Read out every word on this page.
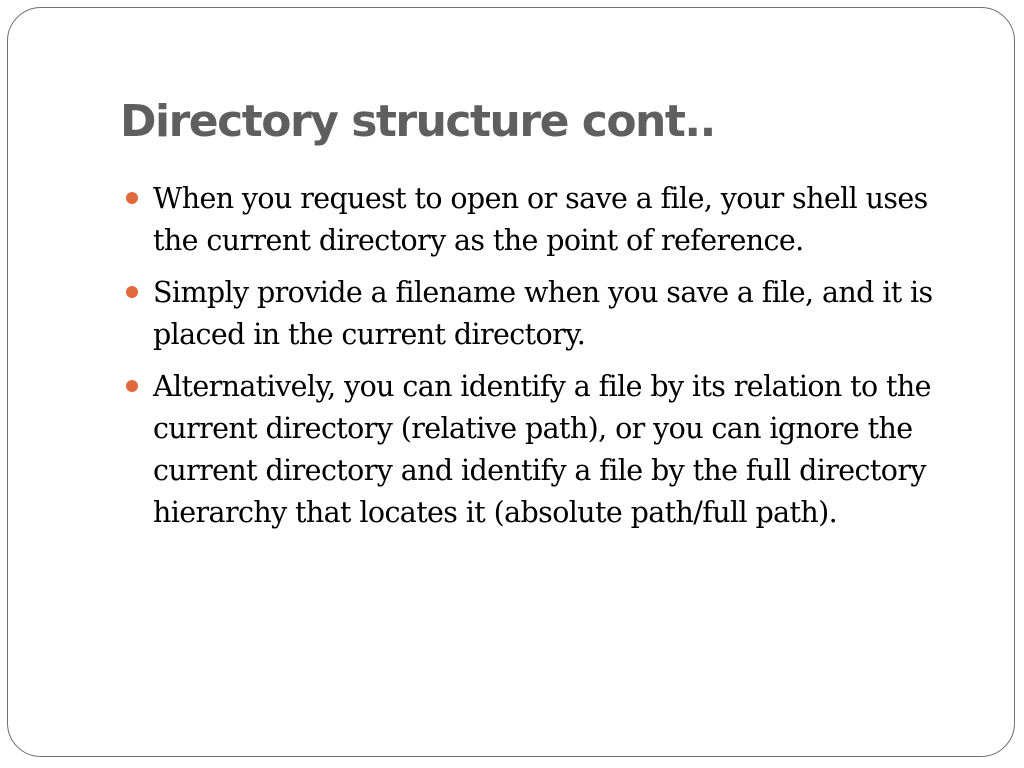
Directory structure cont..
When you request to open or save a file, your shell uses the current directory as the point of reference.
Simply provide a filename when you save a file, and it is placed in the current directory.
Alternatively, you can identify a file by its relation to the current directory (relative path), or you can ignore the current directory and identify a file by the full directory hierarchy that locates it (absolute path/full path).
